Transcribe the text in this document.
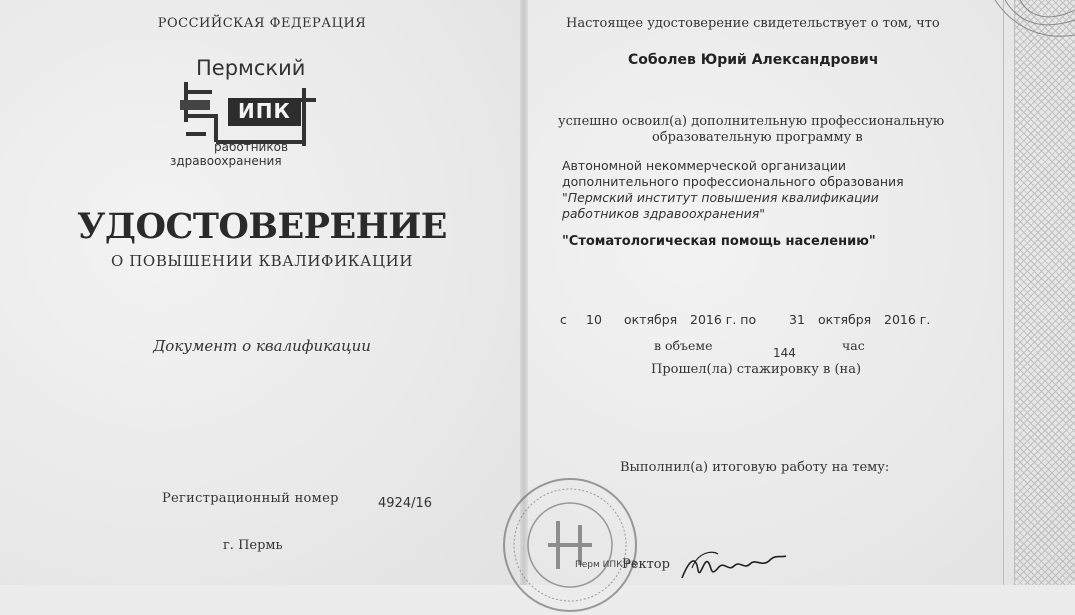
РОССИЙСКАЯ ФЕДЕРАЦИЯ
Пермский
ИПК
работников
здравоохранения
УДОСТОВЕРЕНИЕ
О ПОВЫШЕНИИ КВАЛИФИКАЦИИ
Документ о квалификации
Регистрационный номер	4924/16
г. Пермь
Перм ИПК РЗ
Настоящее удостоверение свидетельствует о том, что
Соболев Юрий Александрович
успешно освоил(а) дополнительную профессиональную
образовательную программу в
Автономной некоммерческой организации
дополнительного профессионального образования
"Пермский институт повышения квалификации
работников здравоохранения"
"Стоматологическая помощь населению"
с 10 октября 2016 г. по	31 октября 2016 г.
в объеме	144	час
Прошел(ла) стажировку в (на)
Выполнил(а) итоговую работу на тему:
Ректор
